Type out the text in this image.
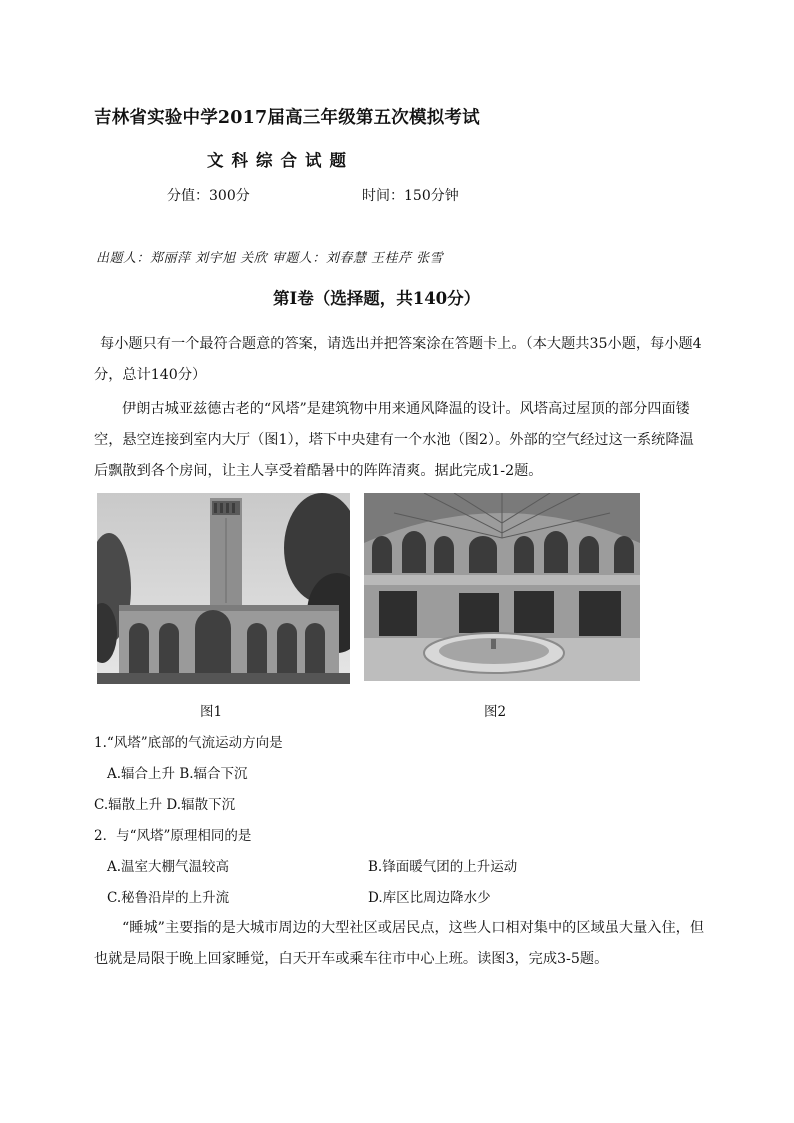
吉林省实验中学2017届高三年级第五次模拟考试
文科综合试题
分值：300分	时间：150分钟
出题人：郑丽萍 刘宇旭 关欣 审题人：刘春慧 王桂芹 张雪
第Ⅰ卷（选择题，共140分）
每小题只有一个最符合题意的答案，请选出并把答案涂在答题卡上。（本大题共35小题，每小题4分，总计140分）
伊朗古城亚兹德古老的“风塔”是建筑物中用来通风降温的设计。风塔高过屋顶的部分四面镂空，悬空连接到室内大厅（图1），塔下中央建有一个水池（图2）。外部的空气经过这一系统降温后飘散到各个房间，让主人享受着酷暑中的阵阵清爽。据此完成1-2题。
图1	图2
1.“风塔”底部的气流运动方向是
A.辐合上升 B.辐合下沉
C.辐散上升 D.辐散下沉
2．与“风塔”原理相同的是
A.温室大棚气温较高	B.锋面暖气团的上升运动
C.秘鲁沿岸的上升流	D.库区比周边降水少
“睡城”主要指的是大城市周边的大型社区或居民点，这些人口相对集中的区域虽大量入住，但也就是局限于晚上回家睡觉，白天开车或乘车往市中心上班。读图3，完成3-5题。
